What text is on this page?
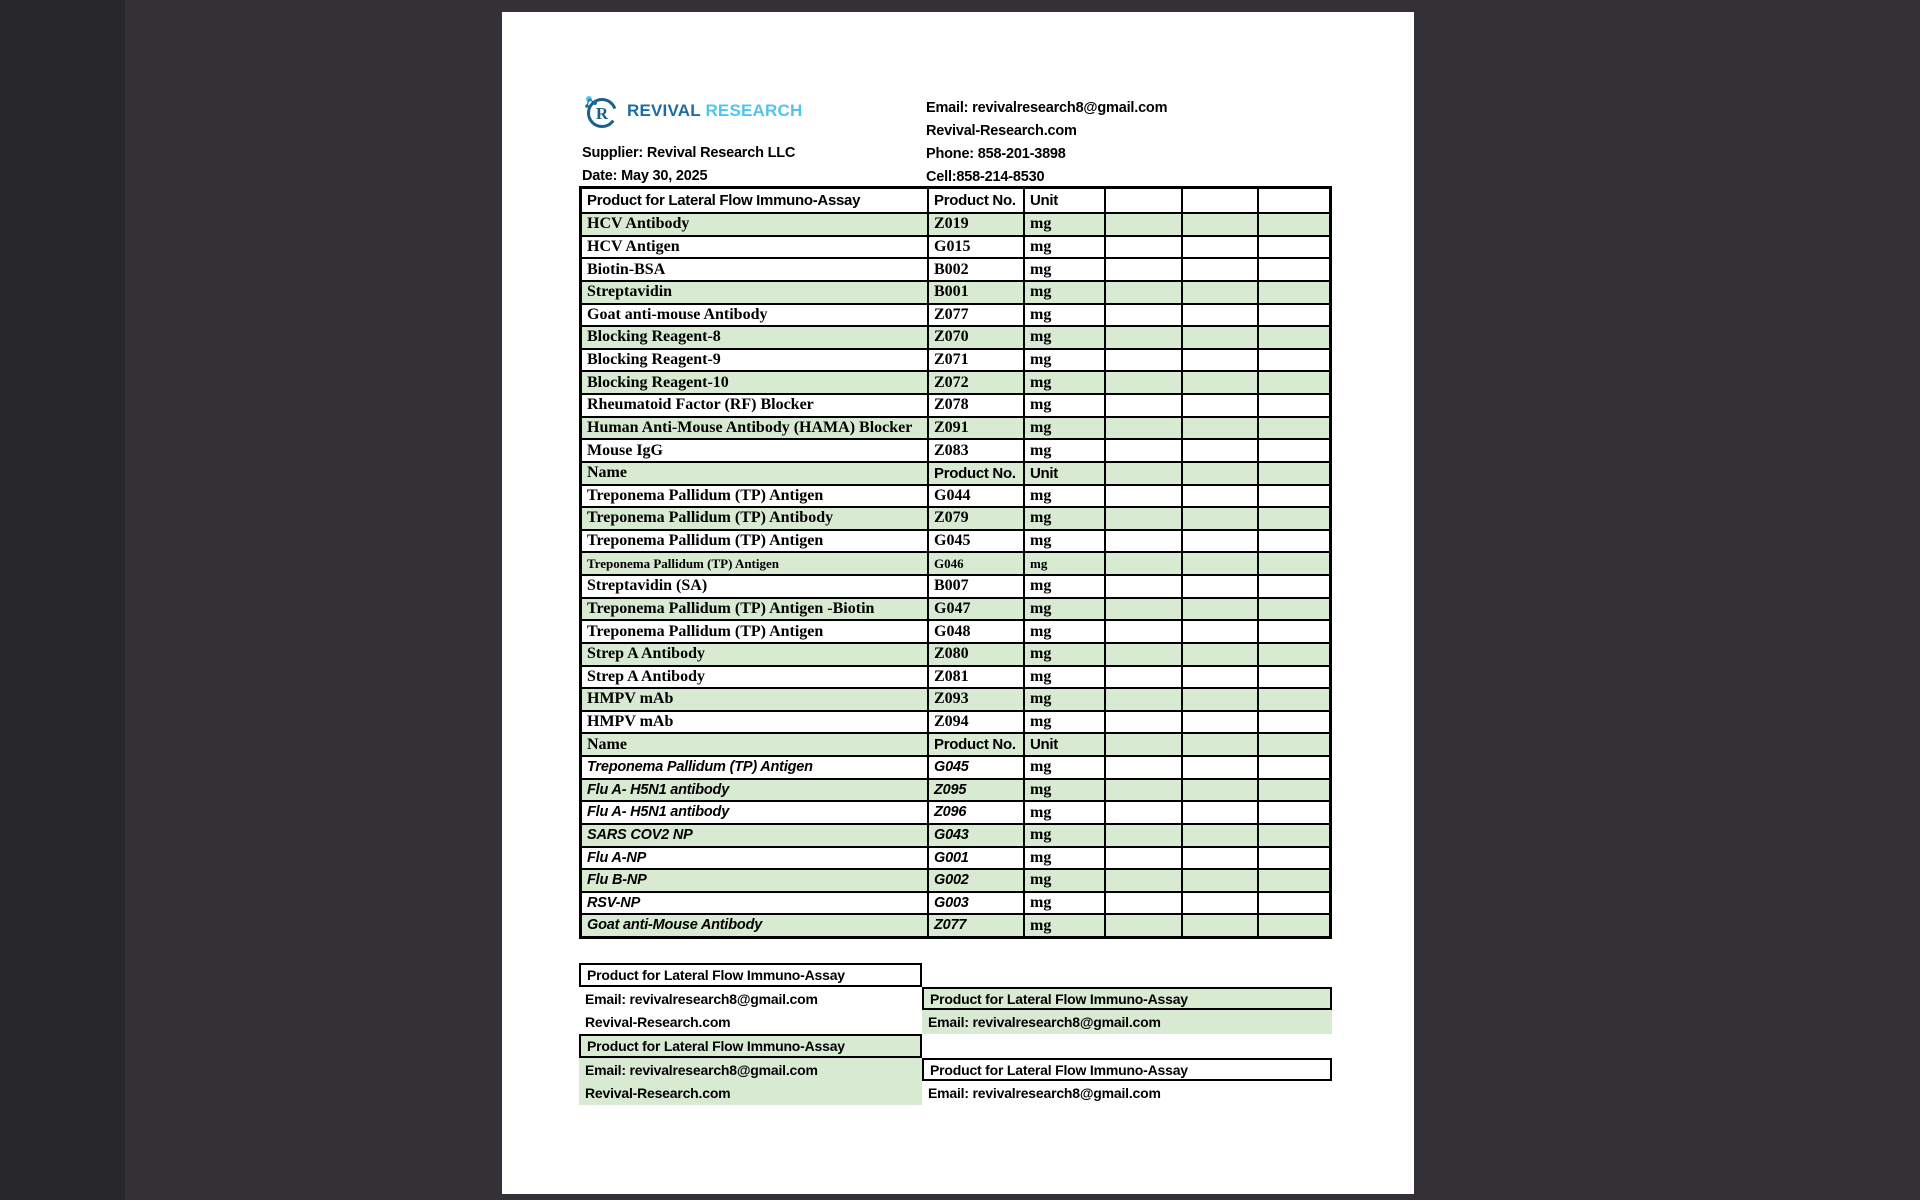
R REVIVAL RESEARCH
Supplier: Revival Research LLC
Date: May 30, 2025
Email: revivalresearch8@gmail.com
Revival-Research.com
Phone: 858-201-3898
Cell:858-214-8530
Product for Lateral Flow Immuno-Assay	Product No. Unit
HCV Antibody	Z019	mg
HCV Antigen	G015	mg
Biotin-BSA	B002	mg
Streptavidin	B001	mg
Goat anti-mouse Antibody	Z077	mg
Blocking Reagent-8	Z070	mg
Blocking Reagent-9	Z071	mg
Blocking Reagent-10	Z072	mg
Rheumatoid Factor (RF) Blocker	Z078	mg
Human Anti-Mouse Antibody (HAMA) Blocker	Z091	mg
Mouse IgG	Z083	mg
Name	Product No. Unit
Treponema Pallidum (TP) Antigen	G044	mg
Treponema Pallidum (TP) Antibody	Z079	mg
Treponema Pallidum (TP) Antigen	G045	mg
Treponema Pallidum (TP) Antigen	G046	mg
Streptavidin (SA)	B007	mg
Treponema Pallidum (TP) Antigen -Biotin	G047	mg
Treponema Pallidum (TP) Antigen	G048	mg
Strep A Antibody	Z080	mg
Strep A Antibody	Z081	mg
HMPV mAb	Z093	mg
HMPV mAb	Z094	mg
Name	Product No. Unit
Treponema Pallidum (TP) Antigen	G045	mg
Flu A- H5N1 antibody	Z095	mg
Flu A- H5N1 antibody	Z096	mg
SARS COV2 NP	G043	mg
Flu A-NP	G001	mg
Flu B-NP	G002	mg
RSV-NP	G003	mg
Goat anti-Mouse Antibody	Z077	mg
Product for Lateral Flow Immuno-Assay
Email: revivalresearch8@gmail.com
Revival-Research.com
Product for Lateral Flow Immuno-Assay
Email: revivalresearch8@gmail.com
Revival-Research.com
Product for Lateral Flow Immuno-Assay
Email: revivalresearch8@gmail.com
Product for Lateral Flow Immuno-Assay
Email: revivalresearch8@gmail.com
